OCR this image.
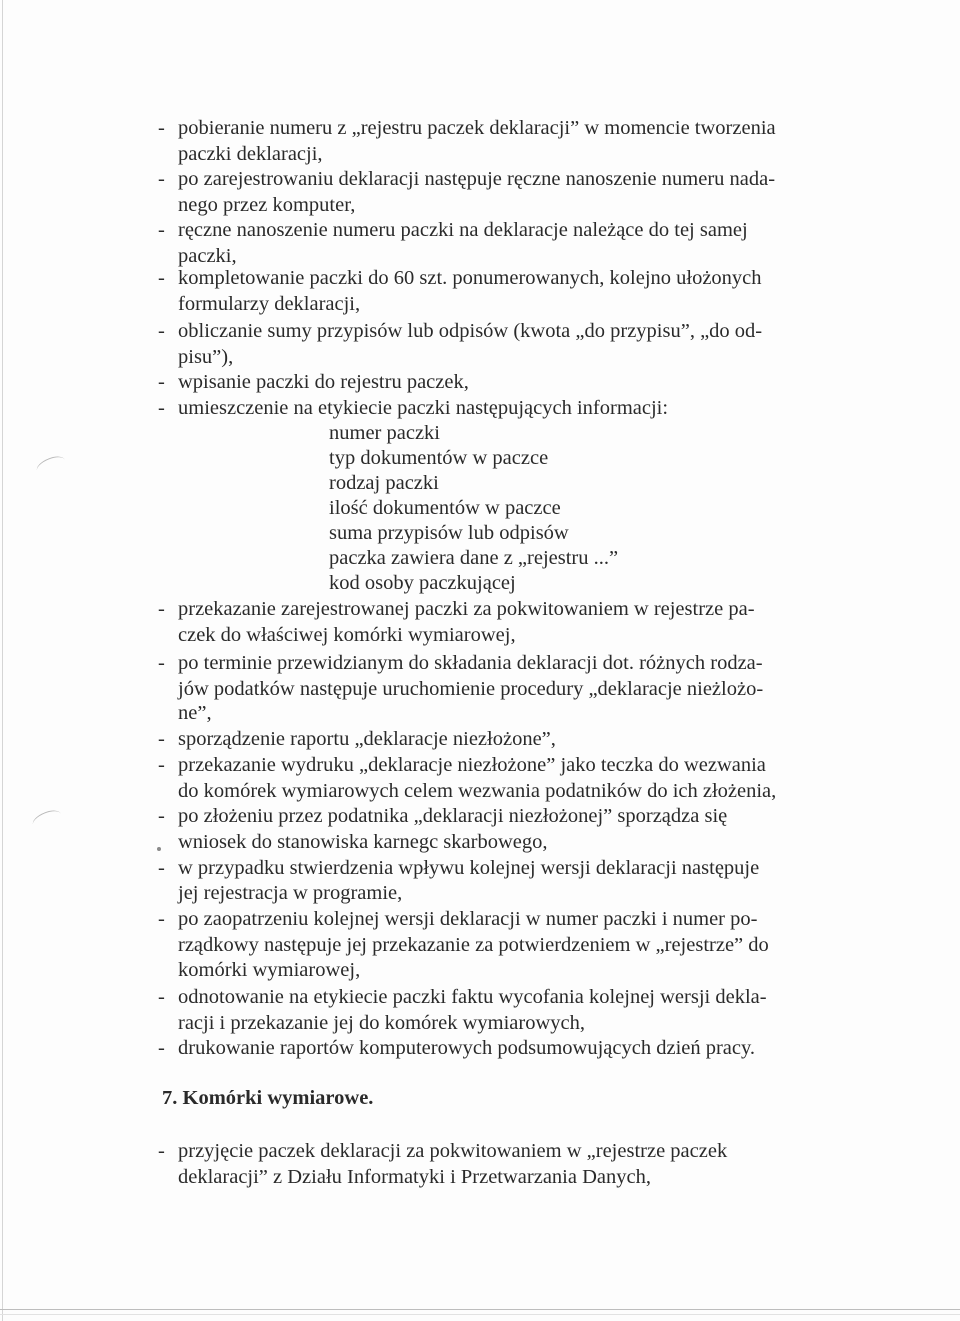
- pobieranie numeru z „rejestru paczek deklaracji” w momencie tworzenia
paczki deklaracji,
- po zarejestrowaniu deklaracji następuje ręczne nanoszenie numeru nada-
nego przez komputer,
- ręczne nanoszenie numeru paczki na deklaracje należące do tej samej
paczki,
- kompletowanie paczki do 60 szt. ponumerowanych, kolejno ułożonych
formularzy deklaracji,
- obliczanie sumy przypisów lub odpisów (kwota „do przypisu”, „do od-
pisu”),
- wpisanie paczki do rejestru paczek,
- umieszczenie na etykiecie paczki następujących informacji:
numer paczki
typ dokumentów w paczce
rodzaj paczki
ilość dokumentów w paczce
suma przypisów lub odpisów
paczka zawiera dane z „rejestru ...”
kod osoby paczkującej
- przekazanie zarejestrowanej paczki za pokwitowaniem w rejestrze pa-
czek do właściwej komórki wymiarowej,
- po terminie przewidzianym do składania deklaracji dot. różnych rodza-
jów podatków następuje uruchomienie procedury „deklaracje nieżlożo-
ne”,
- sporządzenie raportu „deklaracje niezłożone”,
- przekazanie wydruku „deklaracje niezłożone” jako teczka do wezwania
do komórek wymiarowych celem wezwania podatników do ich złożenia,
- po złożeniu przez podatnika „deklaracji niezłożonej” sporządza się
wniosek do stanowiska karnegc skarbowego,
- w przypadku stwierdzenia wpływu kolejnej wersji deklaracji następuje
jej rejestracja w programie,
- po zaopatrzeniu kolejnej wersji deklaracji w numer paczki i numer po-
rządkowy następuje jej przekazanie za potwierdzeniem w „rejestrze” do
komórki wymiarowej,
- odnotowanie na etykiecie paczki faktu wycofania kolejnej wersji dekla-
racji i przekazanie jej do komórek wymiarowych,
- drukowanie raportów komputerowych podsumowujących dzień pracy.
7. Komórki wymiarowe.
- przyjęcie paczek deklaracji za pokwitowaniem w „rejestrze paczek
deklaracji” z Działu Informatyki i Przetwarzania Danych,
